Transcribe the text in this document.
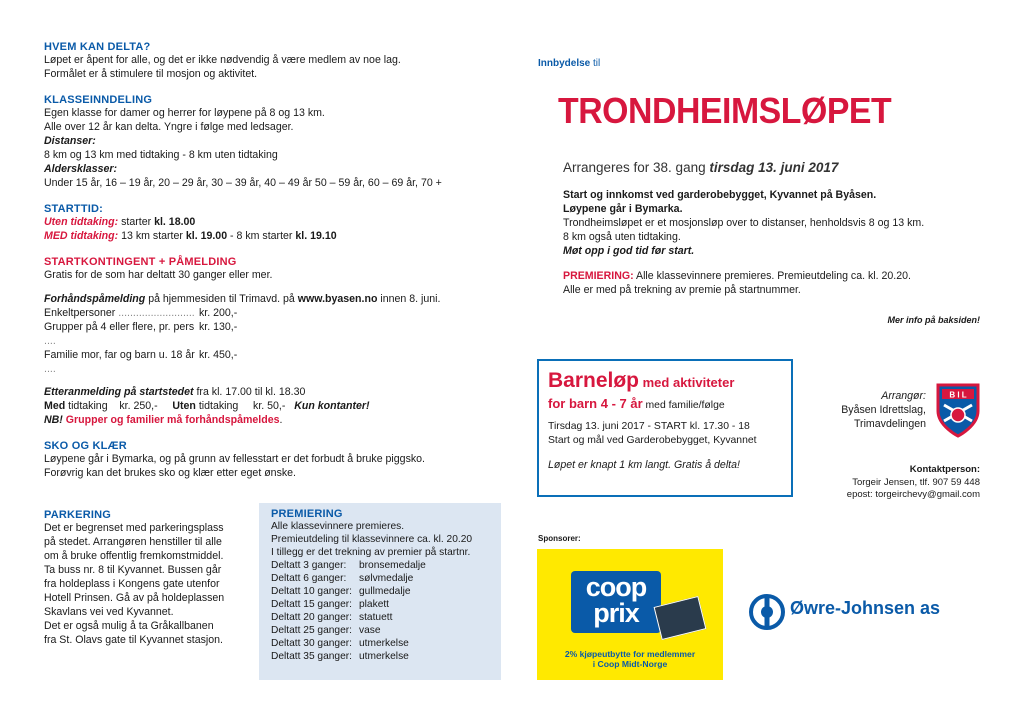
HVEM KAN DELTA?
Løpet er åpent for alle, og det er ikke nødvendig å være medlem av noe lag.
Formålet er å stimulere til mosjon og aktivitet.
KLASSEINNDELING
Egen klasse for damer og herrer for løypene på 8 og 13 km.
Alle over 12 år kan delta. Yngre i følge med ledsager.
Distanser:
8 km og 13 km med tidtaking - 8 km uten tidtaking
Aldersklasser:
Under 15 år, 16 – 19 år, 20 – 29 år, 30 – 39 år, 40 – 49 år 50 – 59 år, 60 – 69 år, 70 +
STARTTID:
Uten tidtaking: starter kl. 18.00
MED tidtaking: 13 km starter kl. 19.00 - 8 km starter kl. 19.10
STARTKONTINGENT + PÅMELDING
Gratis for de som har deltatt 30 ganger eller mer.
Forhåndspåmelding på hjemmesiden til Trimavd. på www.byasen.no innen 8. juni.
Enkeltpersoner .......................... kr. 200,-
Grupper på 4 eller flere, pr. pers ....
kr. 130,-
Familie mor, far og barn u. 18 år ....
kr. 450,-
Etteranmelding på startstedet fra kl. 17.00 til kl. 18.30
Med tidtaking    kr. 250,-     Uten tidtaking     kr. 50,-   Kun kontanter!
NB! Grupper og familier må forhåndspåmeldes.
SKO OG KLÆR
Løypene går i Bymarka, og på grunn av fellesstart er det forbudt å bruke piggsko.
Forøvrig kan det brukes sko og klær etter eget ønske.
PARKERING
Det er begrenset med parkeringsplass
på stedet. Arrangøren henstiller til alle
om å bruke offentlig fremkomstmiddel.
Ta buss nr. 8 til Kyvannet. Bussen går
fra holdeplass i Kongens gate utenfor
Hotell Prinsen. Gå av på holdeplassen
Skavlans vei ved Kyvannet.
Det er også mulig å ta Gråkallbanen
fra St. Olavs gate til Kyvannet stasjon.
PREMIERING
Alle klassevinnere premieres.
Premieutdeling til klassevinnere ca. kl. 20.20
I tillegg er det trekning av premier på startnr.
Deltatt 3 ganger:	bronsemedalje
Deltatt 6 ganger:	sølvmedalje
Deltatt 10 ganger: gullmedalje
Deltatt 15 ganger: plakett
Deltatt 20 ganger: statuett
Deltatt 25 ganger: vase
Deltatt 30 ganger: utmerkelse
Deltatt 35 ganger: utmerkelse
Innbydelse til
TRONDHEIMSLØPET
Arrangeres for 38. gang tirsdag 13. juni 2017
Start og innkomst ved garderobebygget, Kyvannet på Byåsen.
Løypene går i Bymarka.
Trondheimsløpet er et mosjonsløp over to distanser, henholdsvis 8 og 13 km.
8 km også uten tidtaking.
Møt opp i god tid før start.
PREMIERING: Alle klassevinnere premieres. Premieutdeling ca. kl. 20.20.
Alle er med på trekning av premie på startnummer.
Mer info på baksiden!
Barneløp med aktiviteter
for barn 4 - 7 år med familie/følge
Tirsdag 13. juni 2017 - START kl. 17.30 - 18
Start og mål ved Garderobebygget, Kyvannet
Løpet er knapt 1 km langt. Gratis å delta!
Arrangør:
Byåsen Idrettslag,
Trimavdelingen
B I L
Kontaktperson:
Torgeir Jensen, tlf. 907 59 448
epost: torgeirchevy@gmail.com
Sponsorer:
coop
prix
2% kjøpeutbytte for medlemmer
i Coop Midt-Norge
Øwre-Johnsen as
